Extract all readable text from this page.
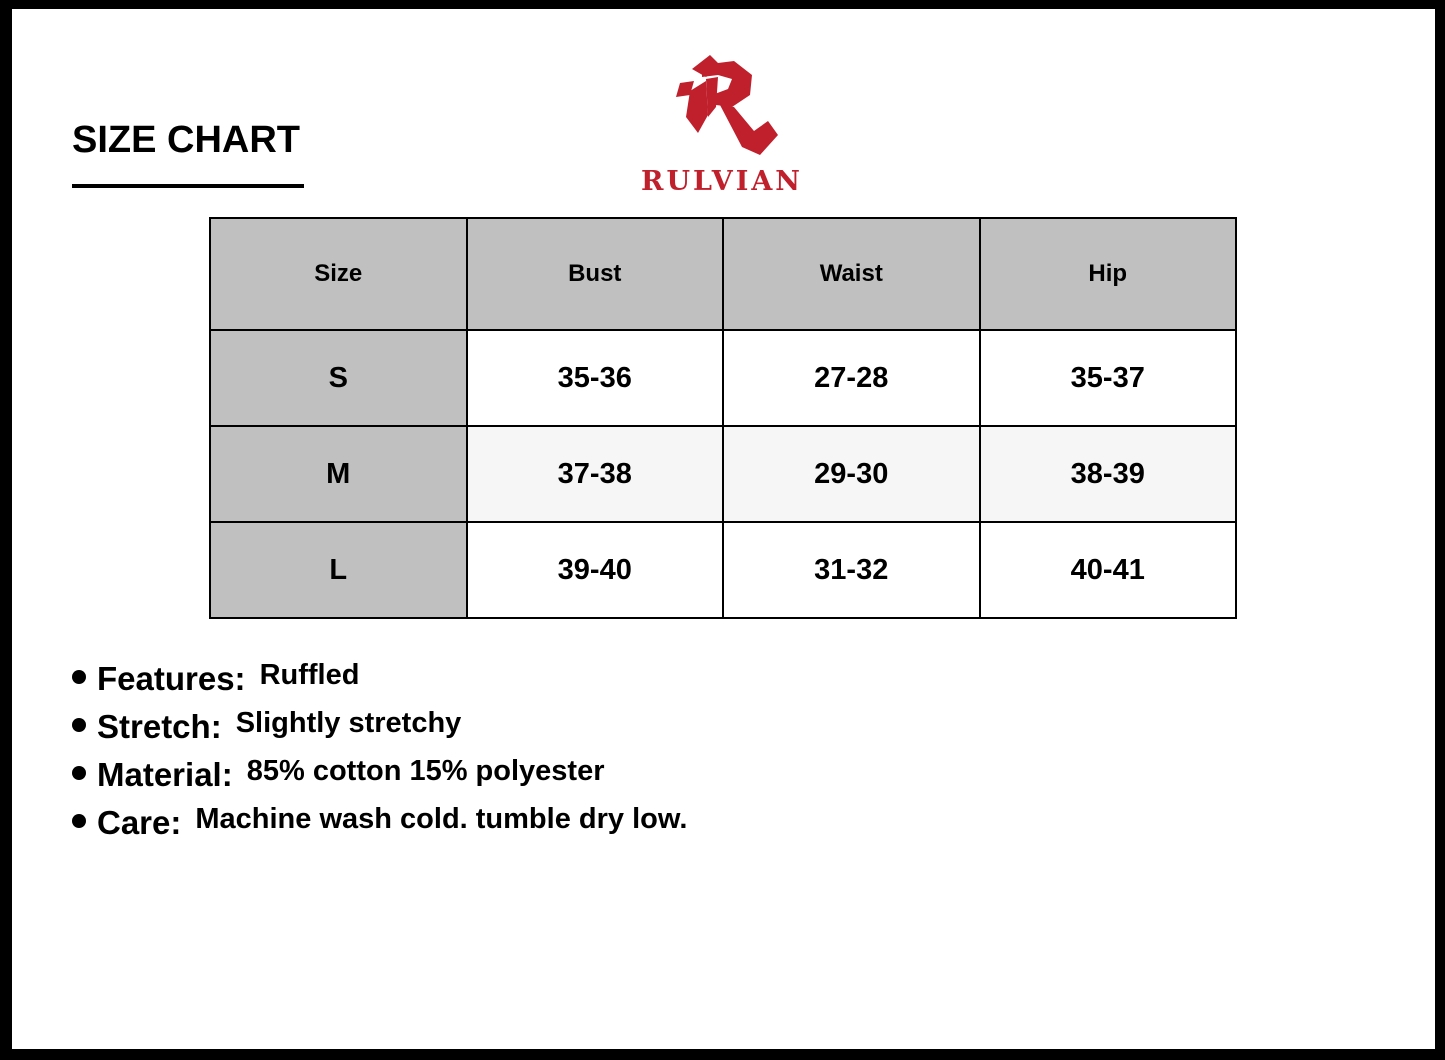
SIZE CHART
RULVIAN
Size	Bust	Waist	Hip
S	35-36	27-28	35-37
M	37-38	29-30	38-39
L	39-40	31-32	40-41
Features: Ruffled
Stretch: Slightly stretchy
Material: 85% cotton 15% polyester
Care: Machine wash cold. tumble dry low.
